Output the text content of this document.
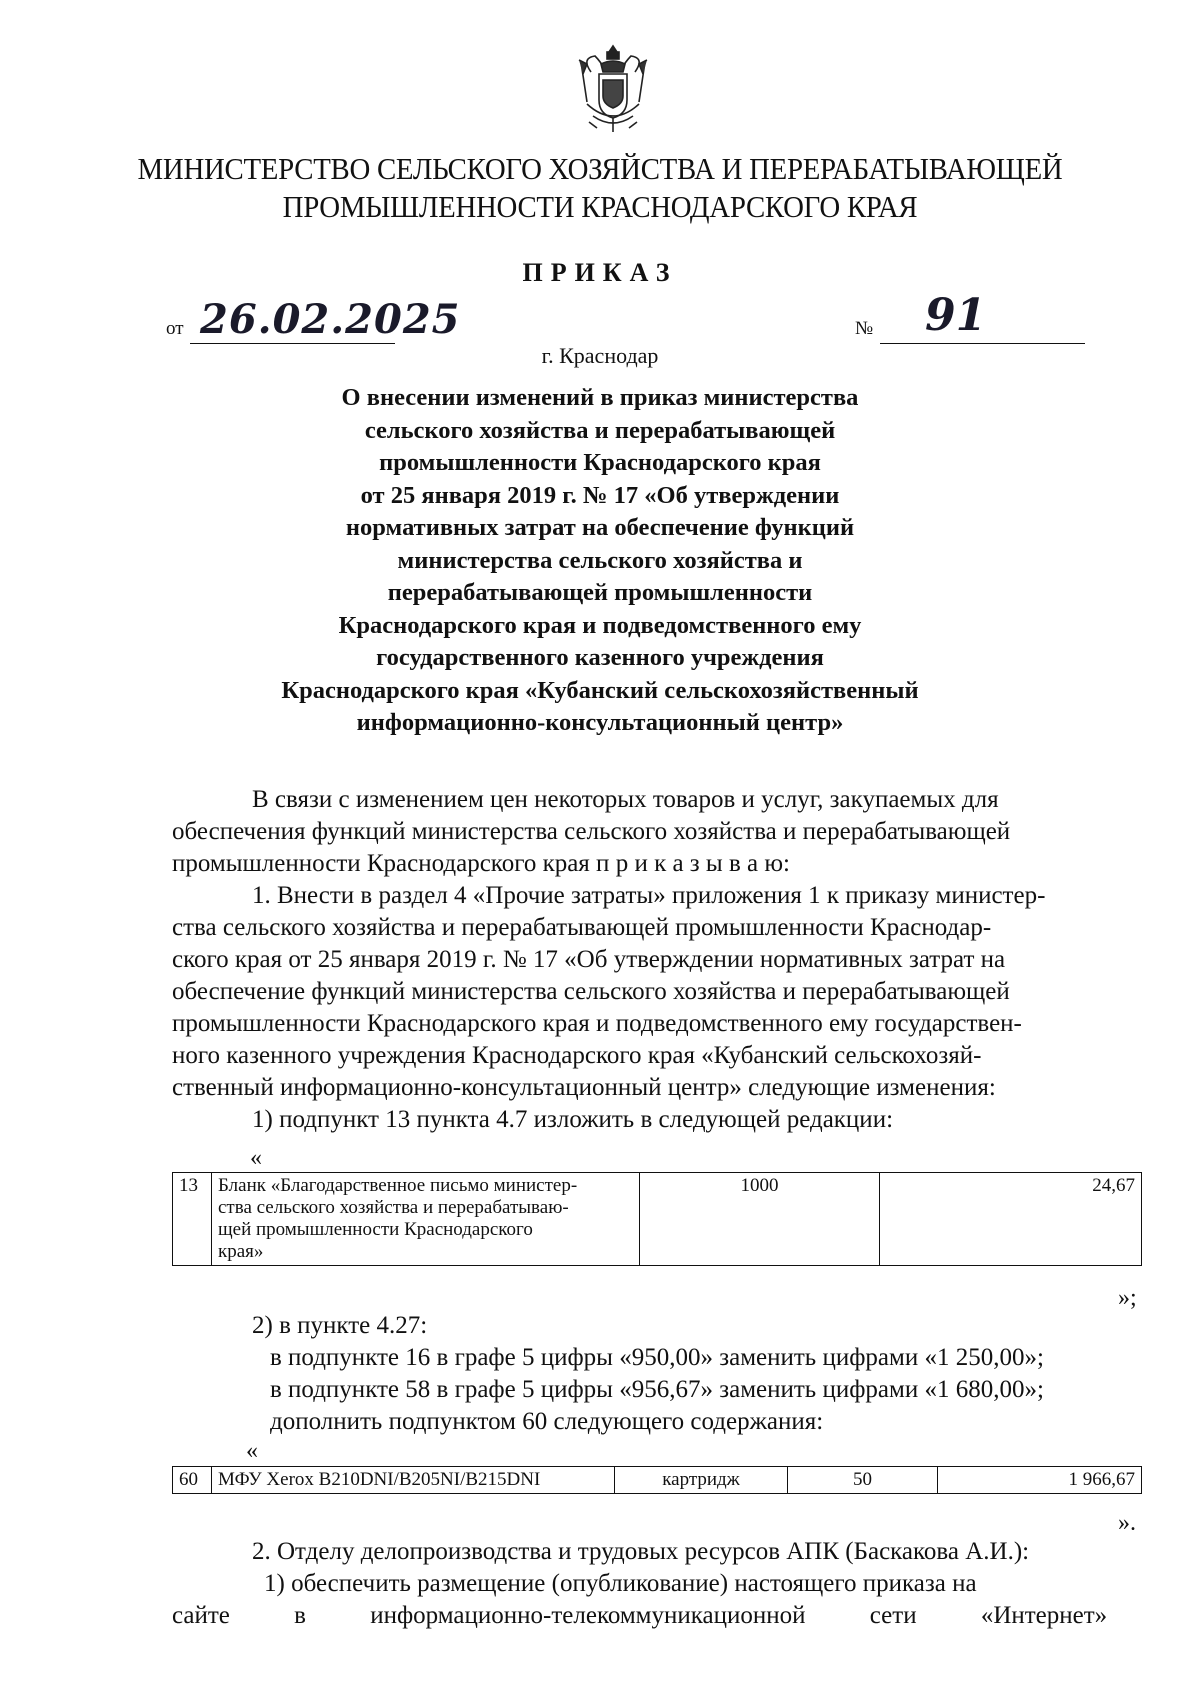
МИНИСТЕРСТВО СЕЛЬСКОГО ХОЗЯЙСТВА И ПЕРЕРАБАТЫВАЮЩЕЙ
ПРОМЫШЛЕННОСТИ КРАСНОДАРСКОГО КРАЯ
ПРИКАЗ
от 26.02.2025	№ 91
г. Краснодар
О внесении изменений в приказ министерства
сельского хозяйства и перерабатывающей
промышленности Краснодарского края
от 25 января 2019 г. № 17 «Об утверждении
нормативных затрат на обеспечение функций
министерства сельского хозяйства и
перерабатывающей промышленности
Краснодарского края и подведомственного ему
государственного казенного учреждения
Краснодарского края «Кубанский сельскохозяйственный
информационно-консультационный центр»
В связи с изменением цен некоторых товаров и услуг, закупаемых для
обеспечения функций министерства сельского хозяйства и перерабатывающей
промышленности Краснодарского края п р и к а з ы в а ю:
1. Внести в раздел 4 «Прочие затраты» приложения 1 к приказу министер-
ства сельского хозяйства и перерабатывающей промышленности Краснодар-
ского края от 25 января 2019 г. № 17 «Об утверждении нормативных затрат на
обеспечение функций министерства сельского хозяйства и перерабатывающей
промышленности Краснодарского края и подведомственного ему государствен-
ного казенного учреждения Краснодарского края «Кубанский сельскохозяй-
ственный информационно-консультационный центр» следующие изменения:
1) подпункт 13 пункта 4.7 изложить в следующей редакции:
«
13	Бланк «Благодарственное письмо министер-
ства сельского хозяйства и перерабатываю-
щей промышленности Краснодарского
края»
	1000	24,67
»;
2) в пункте 4.27:
в подпункте 16 в графе 5 цифры «950,00» заменить цифрами «1 250,00»;
в подпункте 58 в графе 5 цифры «956,67» заменить цифрами «1 680,00»;
дополнить подпунктом 60 следующего содержания:
«
60	МФУ Xerox B210DNI/B205NI/B215DNI	картридж	50	1 966,67
».
2. Отделу делопроизводства и трудовых ресурсов АПК (Баскакова А.И.):
1) обеспечить размещение (опубликование) настоящего приказа на
сайте в информационно-телекоммуникационной сети «Интернет»
